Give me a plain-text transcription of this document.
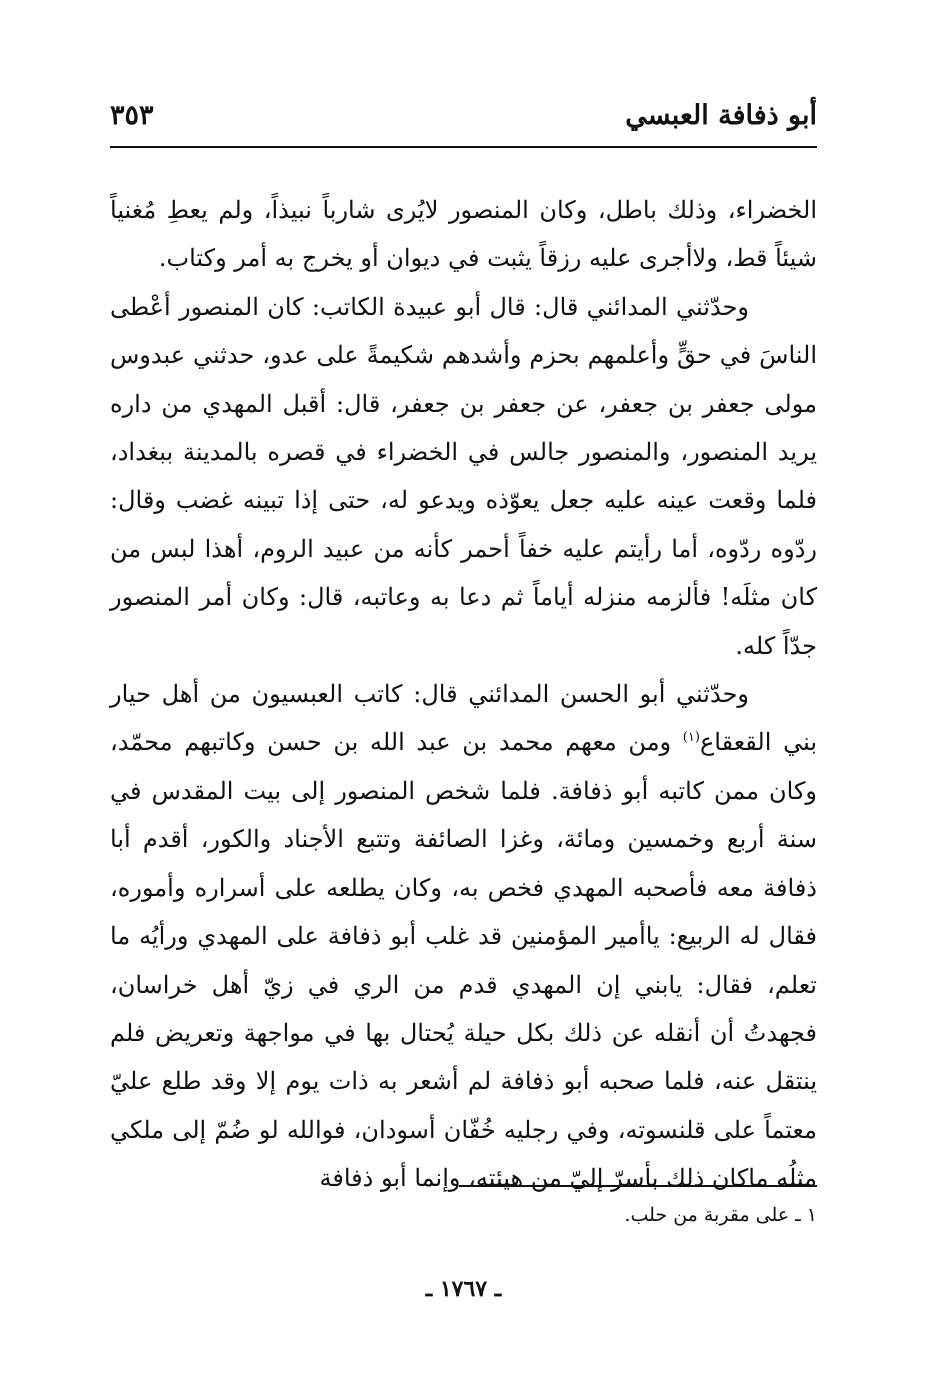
أبو ذفافة العبسي
٣٥٣

الخضراء، وذلك باطل، وكان المنصور لايُرى شارباً نبيذاً، ولم يعطِ مُغنياً شيئاً قط، ولاأجرى عليه رزقاً يثبت في ديوان أو يخرج به أمر وكتاب.

وحدّثني المدائني قال: قال أبو عبيدة الكاتب: كان المنصور أعْطى الناسَ في حقٍّ وأعلمهم بحزم وأشدهم شكيمةً على عدو، حدثني عبدوس مولى جعفر بن جعفر، عن جعفر بن جعفر، قال: أقبل المهدي من داره يريد المنصور، والمنصور جالس في الخضراء في قصره بالمدينة ببغداد، فلما وقعت عينه عليه جعل يعوّذه ويدعو له، حتى إذا تبينه غضب وقال: ردّوه ردّوه، أما رأيتم عليه خفاً أحمر كأنه من عبيد الروم، أهذا لبس من كان مثلَه! فألزمه منزله أياماً ثم دعا به وعاتبه، قال: وكان أمر المنصور جدّاً كله.

وحدّثني أبو الحسن المدائني قال: كاتب العبسيون من أهل حيار بني القعقاع$^{(١)}$ ومن معهم محمد بن عبد الله بن حسن وكاتبهم محمّد، وكان ممن كاتبه أبو ذفافة. فلما شخص المنصور إلى بيت المقدس في سنة أربع وخمسين ومائة، وغزا الصائفة وتتبع الأجناد والكور، أقدم أبا ذفافة معه فأصحبه المهدي فخص به، وكان يطلعه على أسراره وأموره، فقال له الربيع: ياأمير المؤمنين قد غلب أبو ذفافة على المهدي ورأيُه ما تعلم، فقال: يابني إن المهدي قدم من الري في زيّ أهل خراسان، فجهدتُ أن أنقله عن ذلك بكل حيلة يُحتال بها في مواجهة وتعريض فلم ينتقل عنه، فلما صحبه أبو ذفافة لم أشعر به ذات يوم إلا وقد طلع عليّ معتماً على قلنسوته، وفي رجليه خُفّان أسودان، فوالله لو ضُمّ إلى ملكي مثلُه ماكان ذلك بأسرّ إليّ من هيئته، وإنما أبو ذفافة

١ ـ على مقربة من حلب.
ـ ١٧٦٧ ـ
